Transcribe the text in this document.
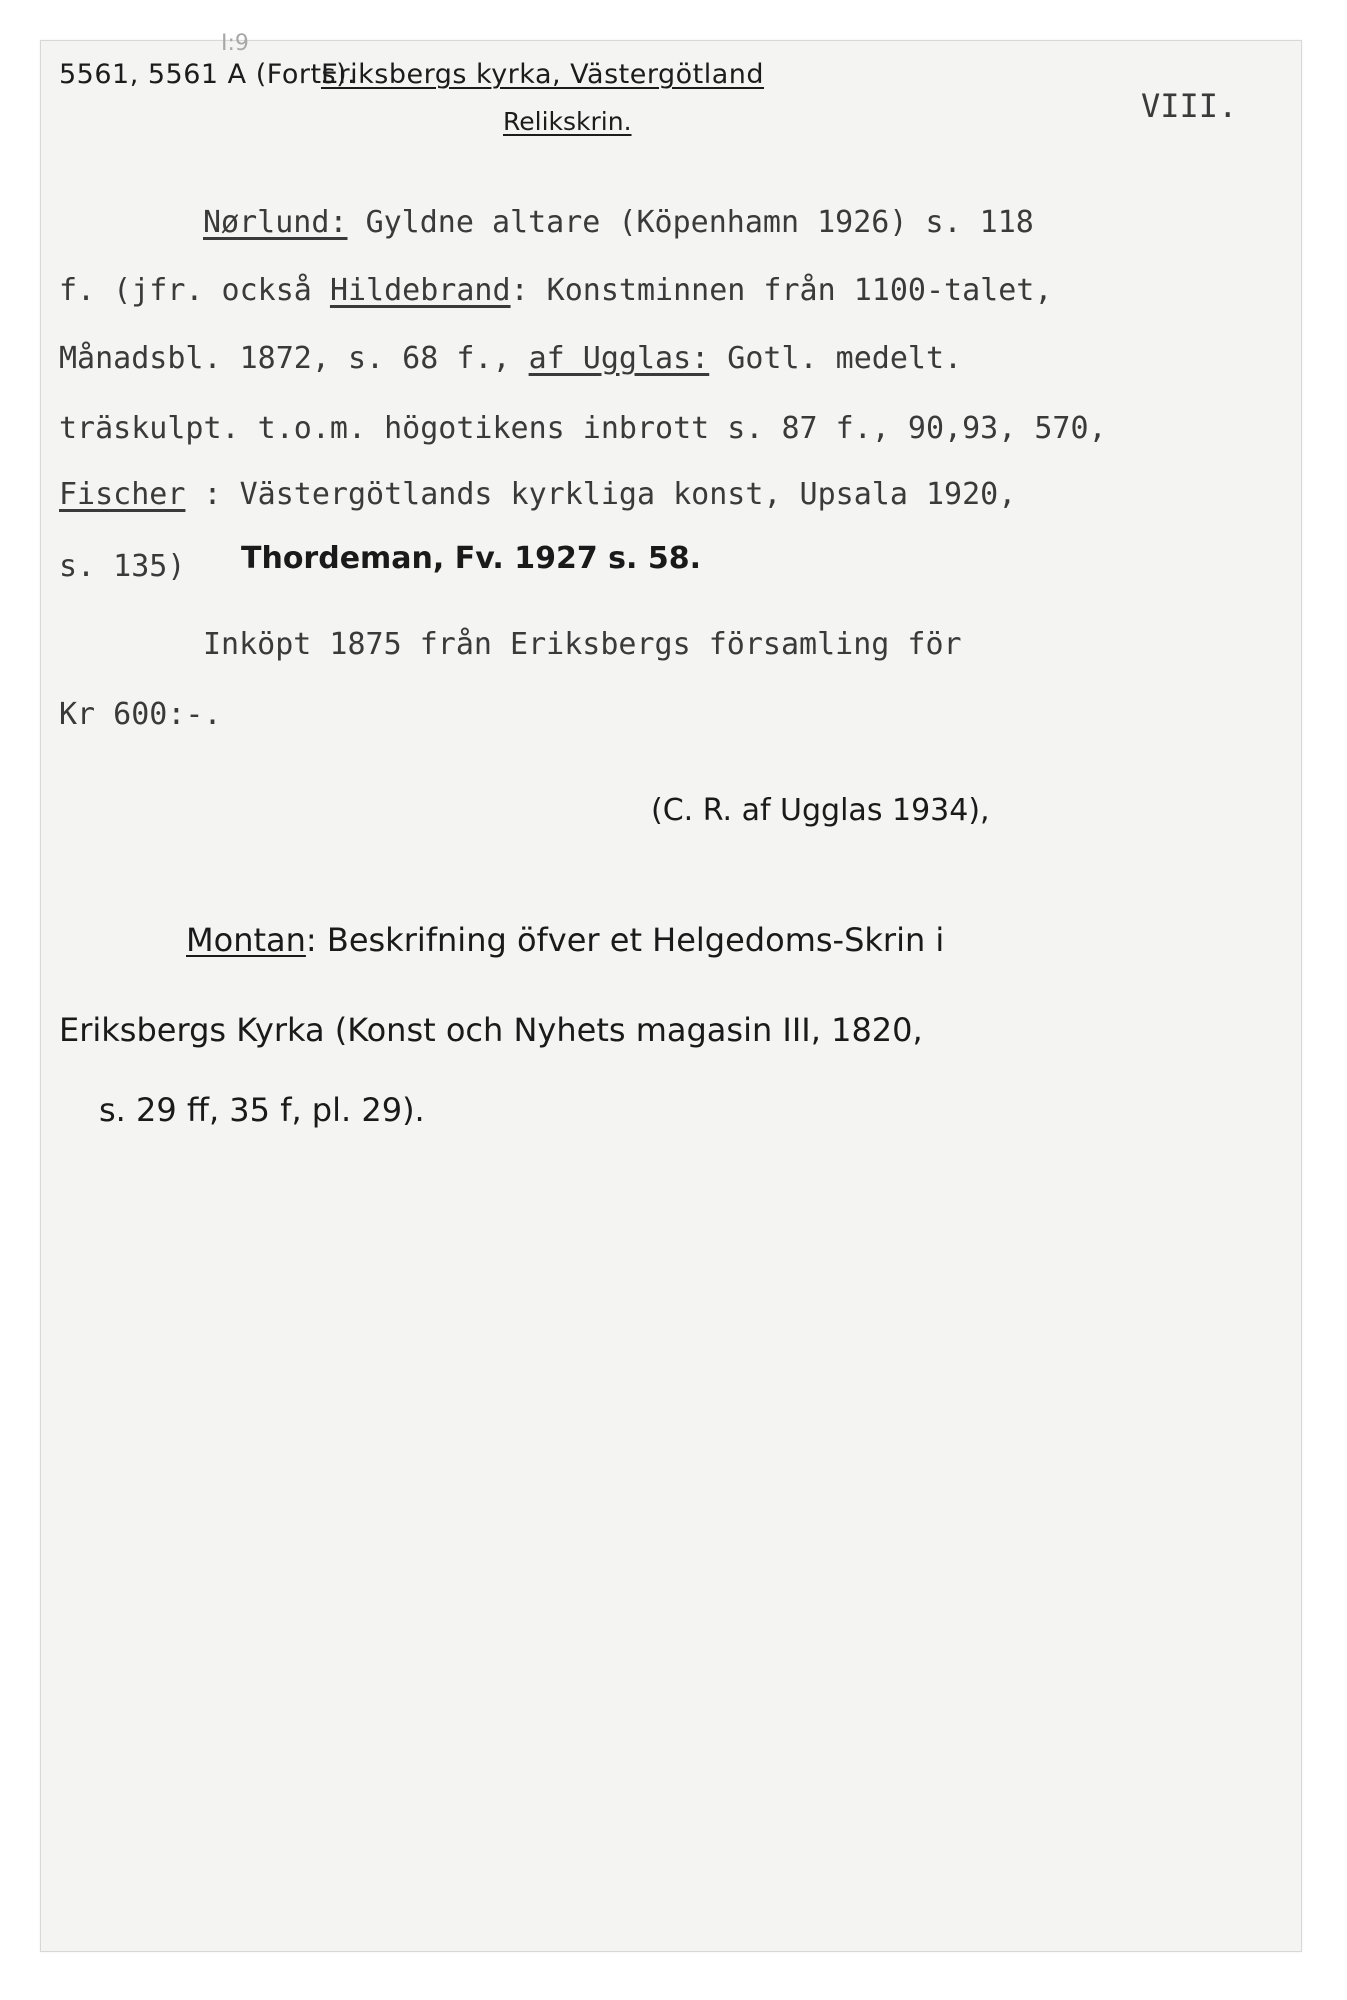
I:9
5561, 5561 A (Forts).
Eriksbergs kyrka, Västergötland
Relikskrin.	VIII.
Nørlund: Gyldne altare (Köpenhamn 1926) s. 118
f. (jfr. också Hildebrand: Konstminnen från 1100-talet,
Månadsbl. 1872, s. 68 f., af Ugglas: Gotl. medelt.
träskulpt. t.o.m. högotikens inbrott s. 87 f., 90,93, 570,
Fischer : Västergötlands kyrkliga konst, Upsala 1920,
s. 135) Thordeman, Fv. 1927 s. 58.
Inköpt 1875 från Eriksbergs församling för
Kr 600:-.
(C. R. af Ugglas 1934),
Montan: Beskrifning öfver et Helgedoms-Skrin i
Eriksbergs Kyrka (Konst och Nyhets magasin III, 1820,
s. 29 ff, 35 f, pl. 29).
